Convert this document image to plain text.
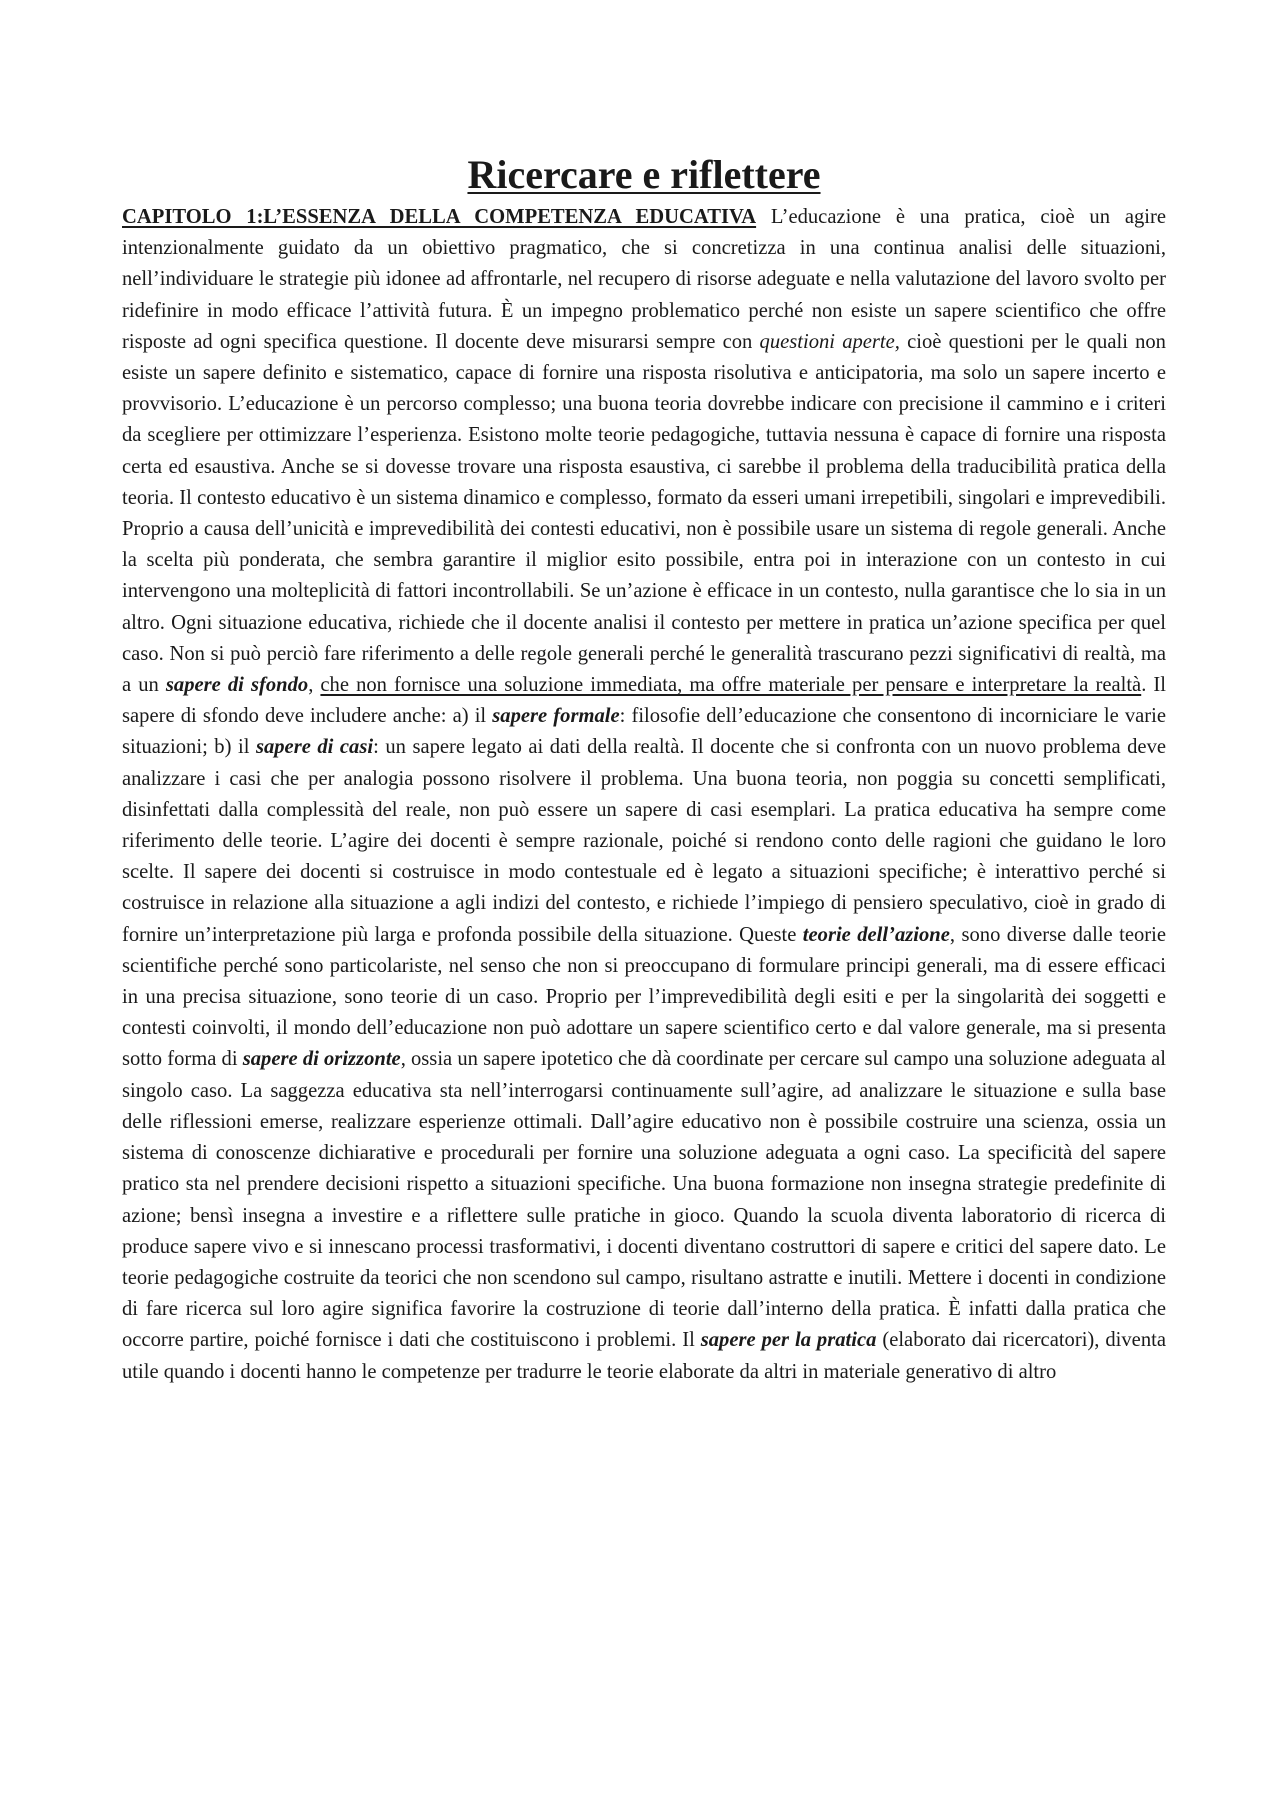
Ricercare e riflettere

CAPITOLO 1:L’ESSENZA DELLA COMPETENZA EDUCATIVA L’educazione è una pratica, cioè un agire intenzionalmente guidato da un obiettivo pragmatico, che si concretizza in una continua analisi delle situazioni, nell’individuare le strategie più idonee ad affrontarle, nel recupero di risorse adeguate e nella valutazione del lavoro svolto per ridefinire in modo efficace l’attività futura. È un impegno problematico perché non esiste un sapere scientifico che offre risposte ad ogni specifica questione. Il docente deve misurarsi sempre con questioni aperte, cioè questioni per le quali non esiste un sapere definito e sistematico, capace di fornire una risposta risolutiva e anticipatoria, ma solo un sapere incerto e provvisorio. L’educazione è un percorso complesso; una buona teoria dovrebbe indicare con precisione il cammino e i criteri da scegliere per ottimizzare l’esperienza. Esistono molte teorie pedagogiche, tuttavia nessuna è capace di fornire una risposta certa ed esaustiva. Anche se si dovesse trovare una risposta esaustiva, ci sarebbe il problema della traducibilità pratica della teoria. Il contesto educativo è un sistema dinamico e complesso, formato da esseri umani irrepetibili, singolari e imprevedibili. Proprio a causa dell’unicità e imprevedibilità dei contesti educativi, non è possibile usare un sistema di regole generali. Anche la scelta più ponderata, che sembra garantire il miglior esito possibile, entra poi in interazione con un contesto in cui intervengono una molteplicità di fattori incontrollabili. Se un’azione è efficace in un contesto, nulla garantisce che lo sia in un altro. Ogni situazione educativa, richiede che il docente analisi il contesto per mettere in pratica un’azione specifica per quel caso. Non si può perciò fare riferimento a delle regole generali perché le generalità trascurano pezzi significativi di realtà, ma a un sapere di sfondo, che non fornisce una soluzione immediata, ma offre materiale per pensare e interpretare la realtà. Il sapere di sfondo deve includere anche: a) il sapere formale: filosofie dell’educazione che consentono di incorniciare le varie situazioni; b) il sapere di casi: un sapere legato ai dati della realtà. Il docente che si confronta con un nuovo problema deve analizzare i casi che per analogia possono risolvere il problema. Una buona teoria, non poggia su concetti semplificati, disinfettati dalla complessità del reale, non può essere un sapere di casi esemplari. La pratica educativa ha sempre come riferimento delle teorie. L’agire dei docenti è sempre razionale, poiché si rendono conto delle ragioni che guidano le loro scelte. Il sapere dei docenti si costruisce in modo contestuale ed è legato a situazioni specifiche; è interattivo perché si costruisce in relazione alla situazione a agli indizi del contesto, e richiede l’impiego di pensiero speculativo, cioè in grado di fornire un’interpretazione più larga e profonda possibile della situazione. Queste teorie dell’azione, sono diverse dalle teorie scientifiche perché sono particolariste, nel senso che non si preoccupano di formulare principi generali, ma di essere efficaci in una precisa situazione, sono teorie di un caso. Proprio per l’imprevedibilità degli esiti e per la singolarità dei soggetti e contesti coinvolti, il mondo dell’educazione non può adottare un sapere scientifico certo e dal valore generale, ma si presenta sotto forma di sapere di orizzonte, ossia un sapere ipotetico che dà coordinate per cercare sul campo una soluzione adeguata al singolo caso. La saggezza educativa sta nell’interrogarsi continuamente sull’agire, ad analizzare le situazione e sulla base delle riflessioni emerse, realizzare esperienze ottimali. Dall’agire educativo non è possibile costruire una scienza, ossia un sistema di conoscenze dichiarative e procedurali per fornire una soluzione adeguata a ogni caso. La specificità del sapere pratico sta nel prendere decisioni rispetto a situazioni specifiche. Una buona formazione non insegna strategie predefinite di azione; bensì insegna a investire e a riflettere sulle pratiche in gioco. Quando la scuola diventa laboratorio di ricerca di produce sapere vivo e si innescano processi trasformativi, i docenti diventano costruttori di sapere e critici del sapere dato. Le teorie pedagogiche costruite da teorici che non scendono sul campo, risultano astratte e inutili. Mettere i docenti in condizione di fare ricerca sul loro agire significa favorire la costruzione di teorie dall’interno della pratica. È infatti dalla pratica che occorre partire, poiché fornisce i dati che costituiscono i problemi. Il sapere per la pratica (elaborato dai ricercatori), diventa utile quando i docenti hanno le competenze per tradurre le teorie elaborate da altri in materiale generativo di altro
